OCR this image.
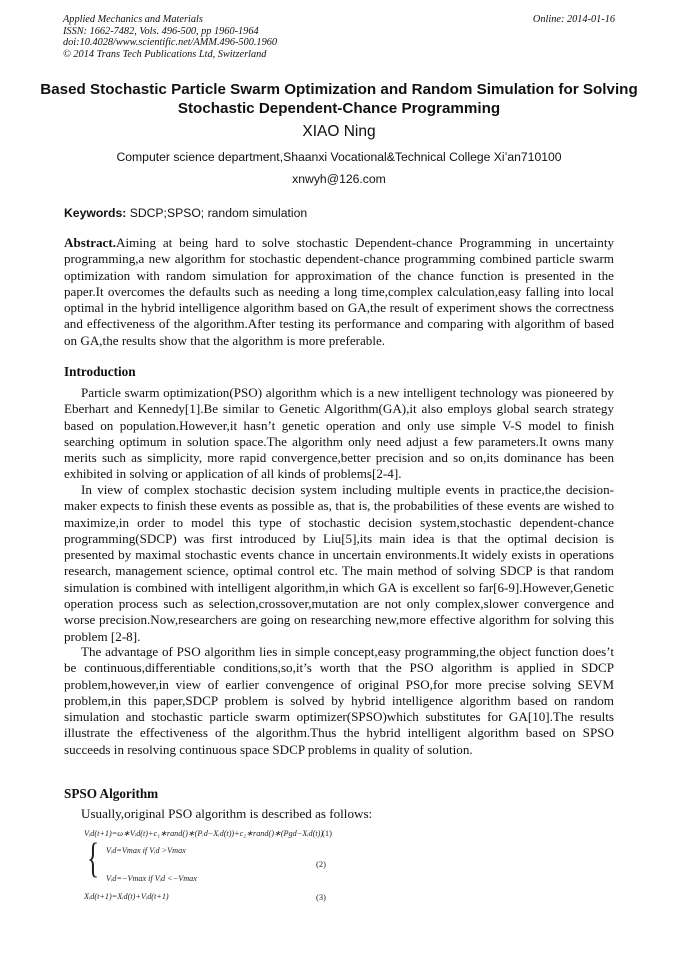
Applied Mechanics and Materials
ISSN: 1662-7482, Vols. 496-500, pp 1960-1964
doi:10.4028/www.scientific.net/AMM.496-500.1960
© 2014 Trans Tech Publications Ltd, Switzerland
Online: 2014-01-16
Based Stochastic Particle Swarm Optimization and Random Simulation for Solving Stochastic Dependent-Chance Programming
XIAO Ning
Computer science department,Shaanxi Vocational&Technical College Xi’an710100
xnwyh@126.com
Keywords: SDCP;SPSO; random simulation
Abstract.Aiming at being hard to solve stochastic Dependent-chance Programming in uncertainty programming,a new algorithm for stochastic dependent-chance programming combined particle swarm optimization with random simulation for approximation of the chance function is presented in the paper.It overcomes the defaults such as needing a long time,complex calculation,easy falling into local optimal in the hybrid intelligence algorithm based on GA,the result of experiment shows the correctness and effectiveness of the algorithm.After testing its performance and comparing with algorithm of based on GA,the results show that the algorithm is more preferable.
Introduction
Particle swarm optimization(PSO) algorithm which is a new intelligent technology was pioneered by Eberhart and Kennedy[1].Be similar to Genetic Algorithm(GA),it also employs global search strategy based on population.However,it hasn’t genetic operation and only use simple V-S model to finish searching optimum in solution space.The algorithm only need adjust a few parameters.It owns many merits such as simplicity, more rapid convergence,better precision and so on,its dominance has been exhibited in solving or application of all kinds of problems[2-4].
In view of complex stochastic decision system including multiple events in practice,the decision-maker expects to finish these events as possible as, that is, the probabilities of these events are wished to maximize,in order to model this type of stochastic decision system,stochastic dependent-chance programming(SDCP) was first introduced by Liu[5],its main idea is that the optimal decision is presented by maximal stochastic events chance in uncertain environments.It widely exists in operations research, management science, optimal control etc. The main method of solving SDCP is that random simulation is combined with intelligent algorithm,in which GA is excellent so far[6-9].However,Genetic operation process such as selection,crossover,mutation are not only complex,slower convergence and worse precision.Now,researchers are going on researching new,more effective algorithm for solving this problem [2-8].
The advantage of PSO algorithm lies in simple concept,easy programming,the object function does’t be continuous,differentiable conditions,so,it’s worth that the PSO algorithm is applied in SDCP problem,however,in view of earlier convengence of original PSO,for more precise solving SEVM problem,in this paper,SDCP problem is solved by hybrid intelligence algorithm based on random simulation and stochastic particle swarm optimizer(SPSO)which substitutes for GA[10].The results illustrate the effectiveness of the algorithm.Thus the hybrid intelligent algorithm based on SPSO succeeds in resolving continuous space SDCP problems in quality of solution.
SPSO Algorithm
Usually,original PSO algorithm is described as follows:
Vᵢd(t+1)=ω∗Vᵢd(t)+c₁∗rand()∗(Pᵢd−Xᵢd(t))+c₂∗rand()∗(Pgd−Xᵢd(t))
(1)
{ Vᵢd=Vmax if Vᵢd >Vmax
Vᵢd=−Vmax if Vᵢd <−Vmax
(2)
Xᵢd(t+1)=Xᵢd(t)+Vᵢd(t+1)	(3)
